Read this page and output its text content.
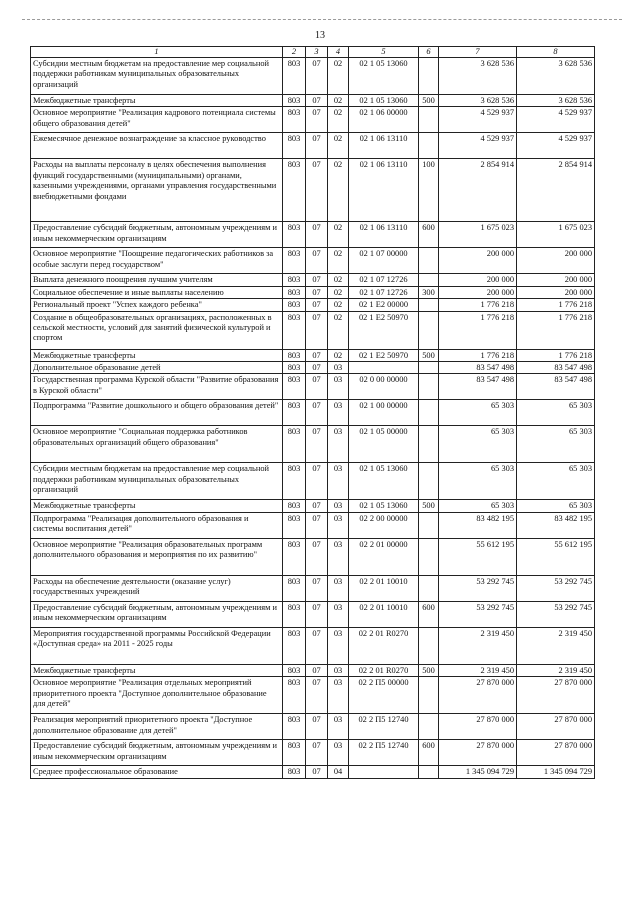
13
1	2	3	4	5	6	7	8
Субсидии местным бюджетам на предоставление мер социальной поддержки работникам муниципальных образовательных организаций	803	07	02	02 1 05 13060		3 628 536	3 628 536
Межбюджетные трансферты	803	07	02	02 1 05 13060	500	3 628 536	3 628 536
Основное мероприятие "Реализация кадрового потенциала системы общего образования детей"	803	07	02	02 1 06 00000		4 529 937	4 529 937
Ежемесячное денежное вознаграждение за классное руководство	803	07	02	02 1 06 13110		4 529 937	4 529 937
Расходы на выплаты персоналу в целях обеспечения выполнения функций государственными (муниципальными) органами, казенными учреждениями, органами управления государственными внебюджетными фондами	803	07	02	02 1 06 13110	100	2 854 914	2 854 914
Предоставление субсидий бюджетным, автономным учреждениям и иным некоммерческим организациям	803	07	02	02 1 06 13110	600	1 675 023	1 675 023
Основное мероприятие "Поощрение педагогических работников за особые заслуги перед государством"	803	07	02	02 1 07 00000		200 000	200 000
Выплата денежного поощрения лучшим учителям	803	07	02	02 1 07 12726		200 000	200 000
Социальное обеспечение и иные выплаты населению	803	07	02	02 1 07 12726	300	200 000	200 000
Региональный проект "Успех каждого ребенка"	803	07	02	02 1 E2 00000		1 776 218	1 776 218
Создание в общеобразовательных организациях, расположенных в сельской местности, условий для занятий физической культурой и спортом	803	07	02	02 1 E2 50970		1 776 218	1 776 218
Межбюджетные трансферты	803	07	02	02 1 E2 50970	500	1 776 218	1 776 218
Дополнительное образование детей	803	07	03			83 547 498	83 547 498
Государственная программа Курской области "Развитие образования в Курской области"	803	07	03	02 0 00 00000		83 547 498	83 547 498
Подпрограмма "Развитие дошкольного и общего образования детей"	803	07	03	02 1 00 00000		65 303	65 303
Основное мероприятие "Социальная поддержка работников образовательных организаций общего образования"	803	07	03	02 1 05 00000		65 303	65 303
Субсидии местным бюджетам на предоставление мер социальной поддержки работникам муниципальных образовательных организаций	803	07	03	02 1 05 13060		65 303	65 303
Межбюджетные трансферты	803	07	03	02 1 05 13060	500	65 303	65 303
Подпрограмма "Реализация дополнительного образования и системы воспитания детей"	803	07	03	02 2 00 00000		83 482 195	83 482 195
Основное мероприятие "Реализация образовательных программ дополнительного образования и мероприятия по их развитию"	803	07	03	02 2 01 00000		55 612 195	55 612 195
Расходы на обеспечение деятельности (оказание услуг) государственных учреждений	803	07	03	02 2 01 10010		53 292 745	53 292 745
Предоставление субсидий бюджетным, автономным учреждениям и иным некоммерческим организациям	803	07	03	02 2 01 10010	600	53 292 745	53 292 745
Мероприятия государственной программы Российской Федерации «Доступная среда» на 2011 - 2025 годы	803	07	03	02 2 01 R0270		2 319 450	2 319 450
Межбюджетные трансферты	803	07	03	02 2 01 R0270	500	2 319 450	2 319 450
Основное мероприятие "Реализация отдельных мероприятий приоритетного проекта "Доступное дополнительное образование для детей"	803	07	03	02 2 П5 00000		27 870 000	27 870 000
Реализация мероприятий приоритетного проекта "Доступное дополнительное образование для детей"	803	07	03	02 2 П5 12740		27 870 000	27 870 000
Предоставление субсидий бюджетным, автономным учреждениям и иным некоммерческим организациям	803	07	03	02 2 П5 12740	600	27 870 000	27 870 000
Среднее профессиональное образование	803	07	04			1 345 094 729	1 345 094 729
